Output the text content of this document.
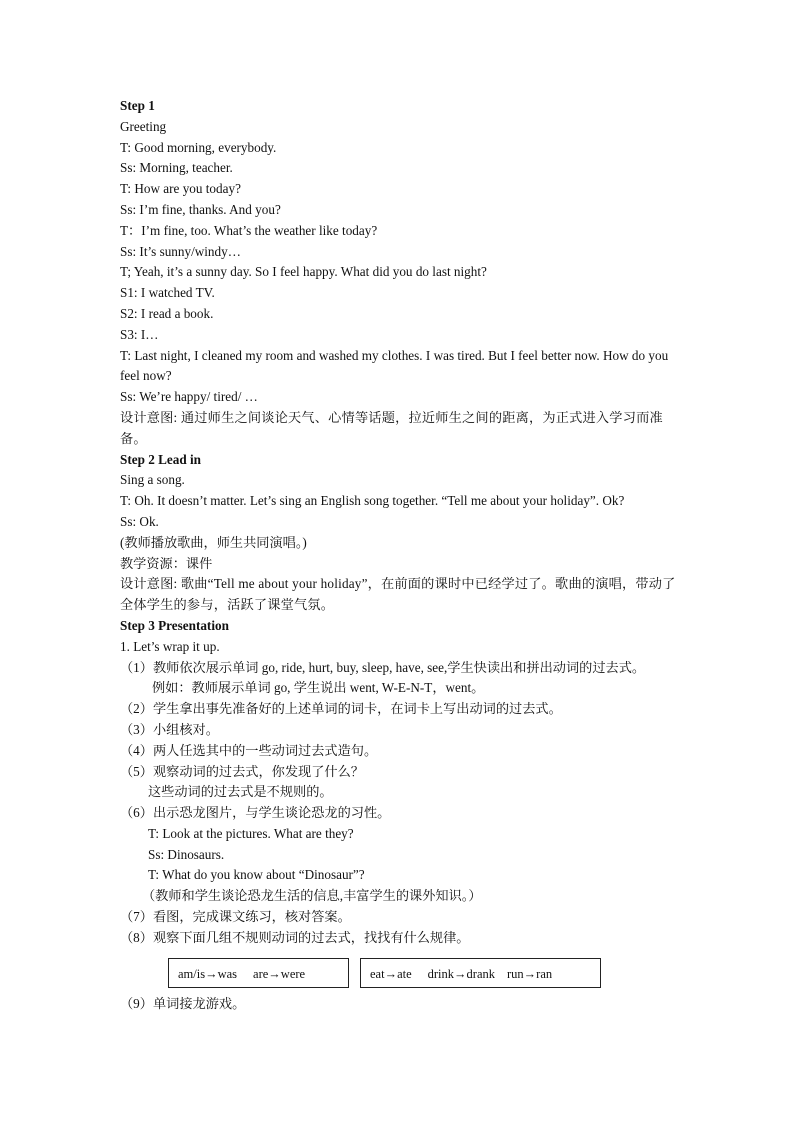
Step 1
Greeting
T: Good morning, everybody.
Ss: Morning, teacher.
T: How are you today?
Ss: I’m fine, thanks. And you?
T：I’m fine, too. What’s the weather like today?
Ss: It’s sunny/windy…
T; Yeah, it’s a sunny day. So I feel happy. What did you do last night?
S1: I watched TV.
S2: I read a book.
S3: I…
T: Last night, I cleaned my room and washed my clothes. I was tired. But I feel better now. How do you feel now?
Ss: We’re happy/ tired/ …
设计意图: 通过师生之间谈论天气、心情等话题，拉近师生之间的距离，为正式进入学习而准备。
Step 2 Lead in
Sing a song.
T: Oh. It doesn’t matter. Let’s sing an English song together. “Tell me about your holiday”. Ok?
Ss: Ok.
(教师播放歌曲，师生共同演唱。)
教学资源：课件
设计意图: 歌曲“Tell me about your holiday”，在前面的课时中已经学过了。歌曲的演唱，带动了全体学生的参与，活跃了课堂气氛。
Step 3 Presentation
1. Let’s wrap it up.
（1）教师依次展示单词 go, ride, hurt, buy, sleep, have, see,学生快读出和拼出动词的过去式。
例如：教师展示单词 go, 学生说出 went, W-E-N-T，went。
（2）学生拿出事先准备好的上述单词的词卡，在词卡上写出动词的过去式。
（3）小组核对。
（4）两人任选其中的一些动词过去式造句。
（5）观察动词的过去式，你发现了什么？
这些动词的过去式是不规则的。
（6）出示恐龙图片，与学生谈论恐龙的习性。
T: Look at the pictures. What are they?
Ss: Dinosaurs.
T: What do you know about “Dinosaur”?
（教师和学生谈论恐龙生活的信息,丰富学生的课外知识。）
（7）看图，完成课文练习，核对答案。
（8）观察下面几组不规则动词的过去式，找找有什么规律。
am/is→was are→were	eat→ate drink→drank run→ran
（9）单词接龙游戏。
